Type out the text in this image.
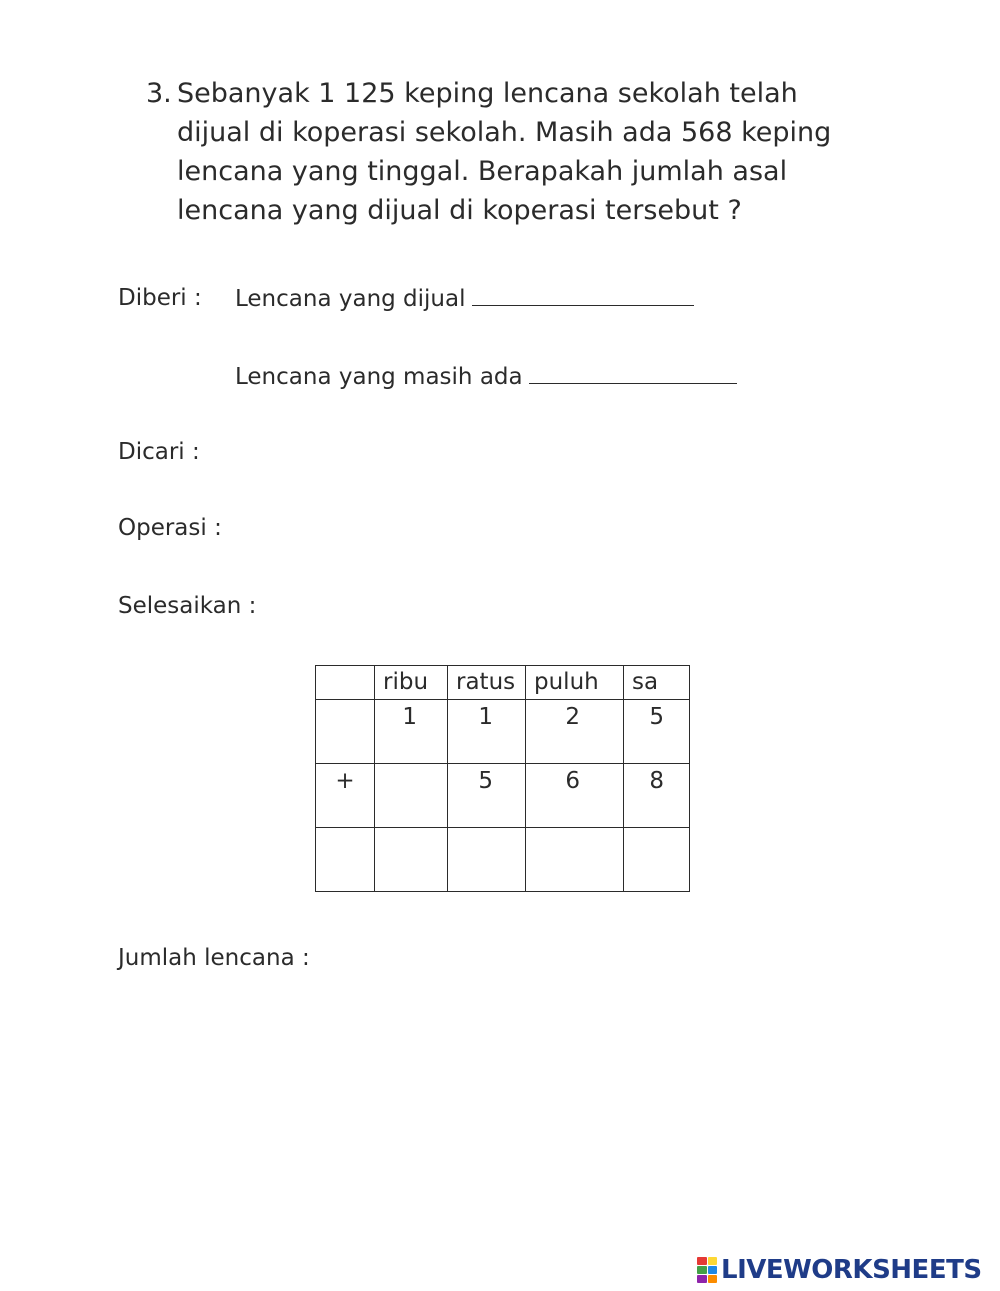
3. Sebanyak 1 125 keping lencana sekolah telah
dijual di koperasi sekolah. Masih ada 568 keping
lencana yang tinggal. Berapakah jumlah asal
lencana yang dijual di koperasi tersebut ?
Diberi : Lencana yang dijual
Lencana yang masih ada
Dicari :
Operasi :
Selesaikan :
	ribu	ratus	puluh	sa

	1	1	2	5

+		5	6	8

Jumlah lencana :
LIVEWORKSHEETS
